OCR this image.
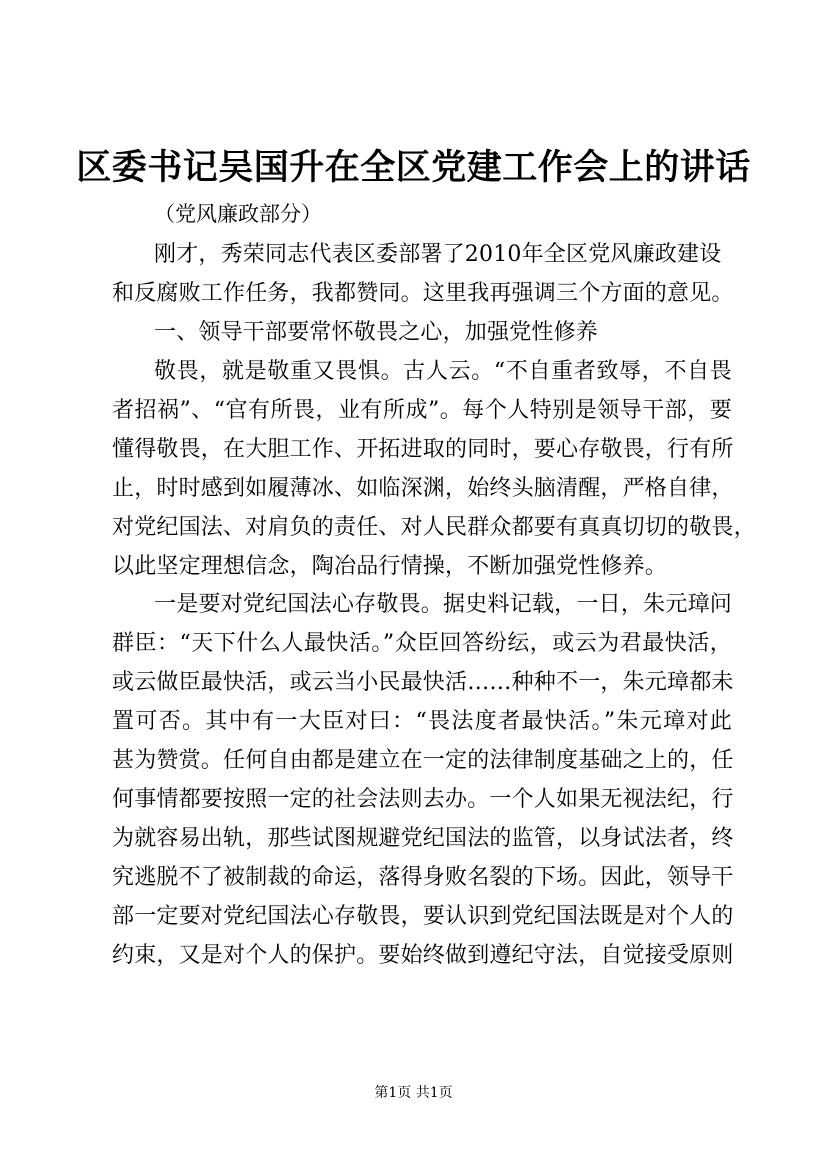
区委书记吴国升在全区党建工作会上的讲话
（党风廉政部分）
刚才，秀荣同志代表区委部署了2010年全区党风廉政建设
和反腐败工作任务，我都赞同。这里我再强调三个方面的意见。
一、领导干部要常怀敬畏之心，加强党性修养
敬畏，就是敬重又畏惧。古人云。“不自重者致辱，不自畏
者招祸”、“官有所畏，业有所成”。每个人特别是领导干部，要
懂得敬畏，在大胆工作、开拓进取的同时，要心存敬畏，行有所
止，时时感到如履薄冰、如临深渊，始终头脑清醒，严格自律，
对党纪国法、对肩负的责任、对人民群众都要有真真切切的敬畏，
以此坚定理想信念，陶冶品行情操，不断加强党性修养。
一是要对党纪国法心存敬畏。据史料记载，一日，朱元璋问
群臣：“天下什么人最快活。”众臣回答纷纭，或云为君最快活，
或云做臣最快活，或云当小民最快活……种种不一，朱元璋都未
置可否。其中有一大臣对曰：“畏法度者最快活。”朱元璋对此
甚为赞赏。任何自由都是建立在一定的法律制度基础之上的，任
何事情都要按照一定的社会法则去办。一个人如果无视法纪，行
为就容易出轨，那些试图规避党纪国法的监管，以身试法者，终
究逃脱不了被制裁的命运，落得身败名裂的下场。因此，领导干
部一定要对党纪国法心存敬畏，要认识到党纪国法既是对个人的
约束，又是对个人的保护。要始终做到遵纪守法，自觉接受原则
第1页 共1页
